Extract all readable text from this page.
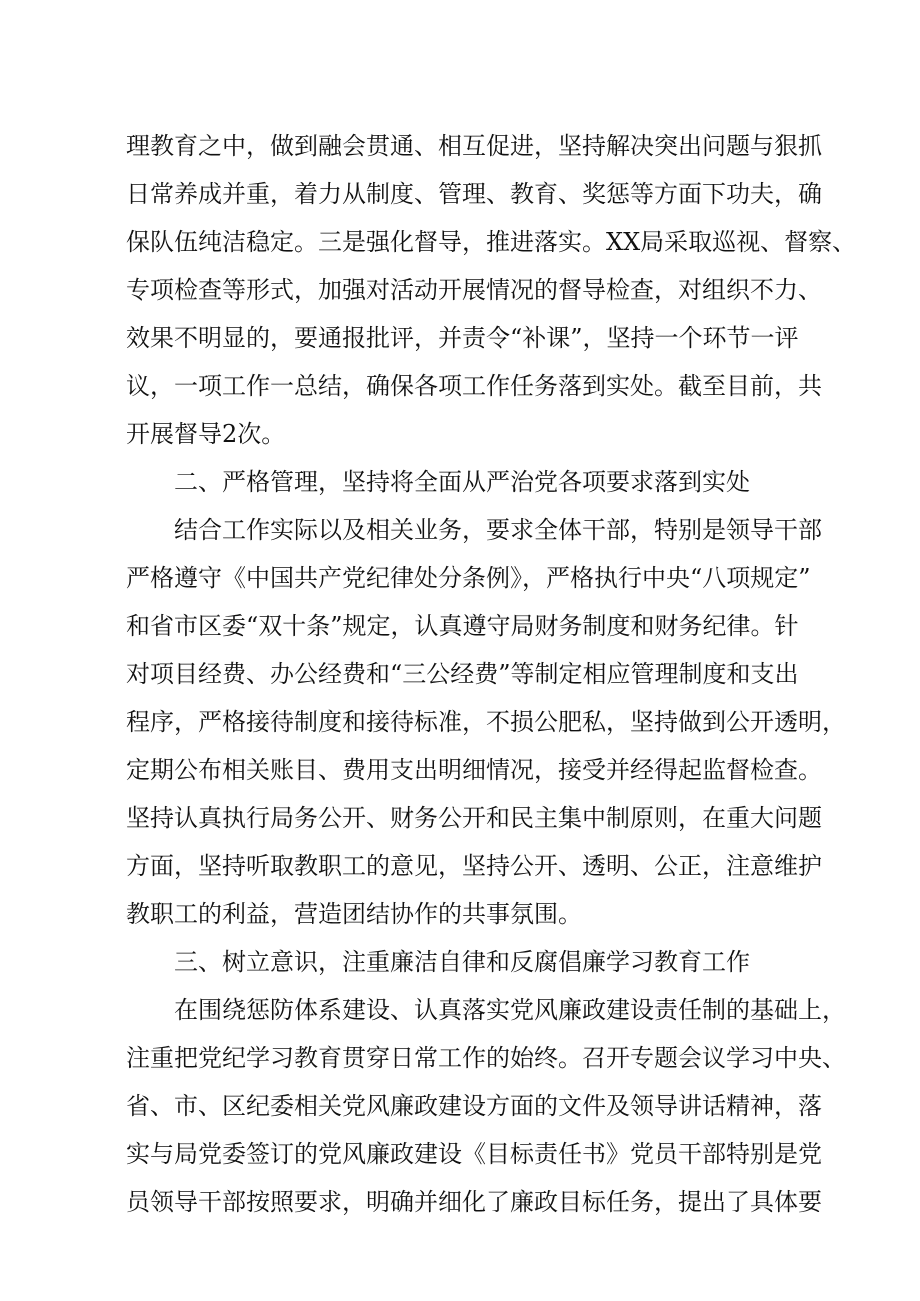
理教育之中，做到融会贯通、相互促进，坚持解决突出问题与狠抓
日常养成并重，着力从制度、管理、教育、奖惩等方面下功夫，确
保队伍纯洁稳定。三是强化督导，推进落实。XX局采取巡视、督察、
专项检查等形式，加强对活动开展情况的督导检查，对组织不力、
效果不明显的，要通报批评，并责令“补课”，坚持一个环节一评
议，一项工作一总结，确保各项工作任务落到实处。截至目前，共
开展督导2次。
二、严格管理，坚持将全面从严治党各项要求落到实处
结合工作实际以及相关业务，要求全体干部，特别是领导干部
严格遵守《中国共产党纪律处分条例》，严格执行中央“八项规定”
和省市区委“双十条”规定，认真遵守局财务制度和财务纪律。针
对项目经费、办公经费和“三公经费”等制定相应管理制度和支出
程序，严格接待制度和接待标准，不损公肥私，坚持做到公开透明，
定期公布相关账目、费用支出明细情况，接受并经得起监督检查。
坚持认真执行局务公开、财务公开和民主集中制原则，在重大问题
方面，坚持听取教职工的意见，坚持公开、透明、公正，注意维护
教职工的利益，营造团结协作的共事氛围。
三、树立意识，注重廉洁自律和反腐倡廉学习教育工作
在围绕惩防体系建设、认真落实党风廉政建设责任制的基础上，
注重把党纪学习教育贯穿日常工作的始终。召开专题会议学习中央、
省、市、区纪委相关党风廉政建设方面的文件及领导讲话精神，落
实与局党委签订的党风廉政建设《目标责任书》党员干部特别是党
员领导干部按照要求，明确并细化了廉政目标任务，提出了具体要
